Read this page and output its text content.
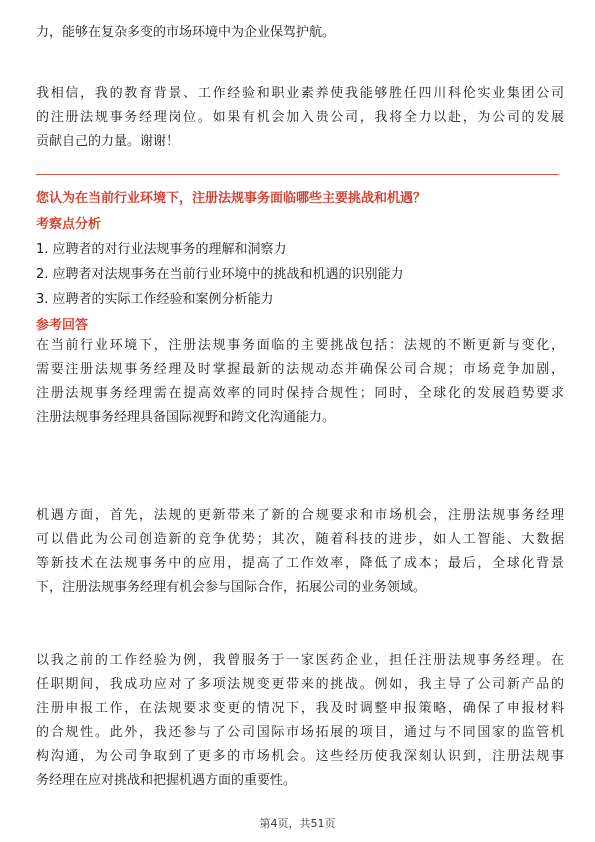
力，能够在复杂多变的市场环境中为企业保驾护航。
我相信，我的教育背景、工作经验和职业素养使我能够胜任四川科伦实业集团公司
的注册法规事务经理岗位。如果有机会加入贵公司，我将全力以赴，为公司的发展
贡献自己的力量。谢谢！

您认为在当前行业环境下，注册法规事务面临哪些主要挑战和机遇？

考察点分析

1. 应聘者的对行业法规事务的理解和洞察力

2. 应聘者对法规事务在当前行业环境中的挑战和机遇的识别能力

3. 应聘者的实际工作经验和案例分析能力

参考回答

在当前行业环境下，注册法规事务面临的主要挑战包括：法规的不断更新与变化，
需要注册法规事务经理及时掌握最新的法规动态并确保公司合规；市场竞争加剧，
注册法规事务经理需在提高效率的同时保持合规性；同时，全球化的发展趋势要求
注册法规事务经理具备国际视野和跨文化沟通能力。
机遇方面，首先，法规的更新带来了新的合规要求和市场机会，注册法规事务经理
可以借此为公司创造新的竞争优势；其次，随着科技的进步，如人工智能、大数据
等新技术在法规事务中的应用，提高了工作效率，降低了成本；最后，全球化背景
下，注册法规事务经理有机会参与国际合作，拓展公司的业务领域。
以我之前的工作经验为例，我曾服务于一家医药企业，担任注册法规事务经理。在
任职期间，我成功应对了多项法规变更带来的挑战。例如，我主导了公司新产品的
注册申报工作，在法规要求变更的情况下，我及时调整申报策略，确保了申报材料
的合规性。此外，我还参与了公司国际市场拓展的项目，通过与不同国家的监管机
构沟通，为公司争取到了更多的市场机会。这些经历使我深刻认识到，注册法规事
务经理在应对挑战和把握机遇方面的重要性。
第4页，共51页
